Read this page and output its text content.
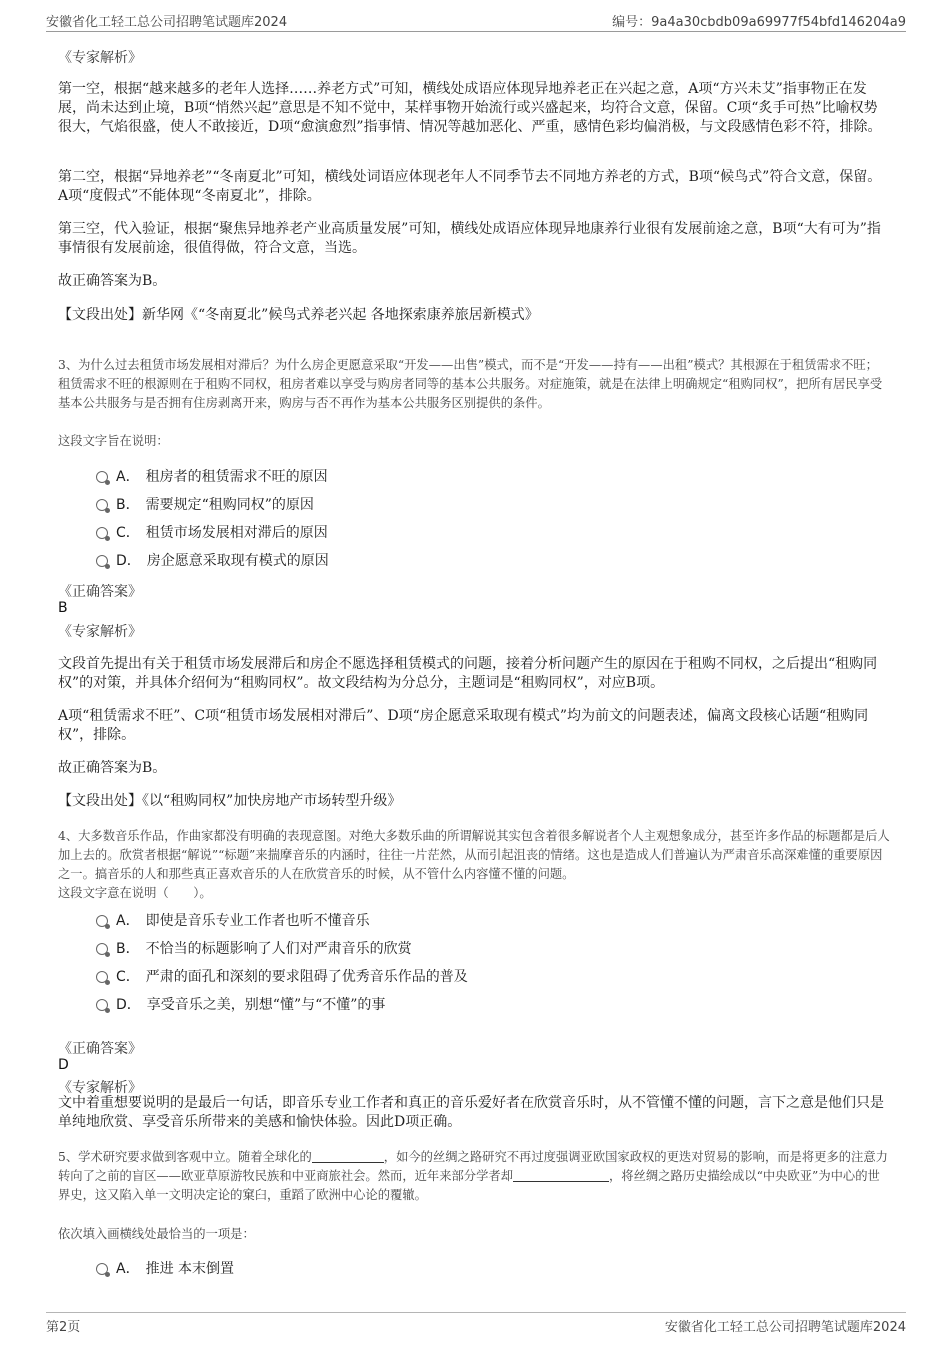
安徽省化工轻工总公司招聘笔试题库2024	编号：9a4a30cbdb09a69977f54bfd146204a9
《专家解析》
第一空，根据“越来越多的老年人选择……养老方式”可知，横线处成语应体现异地养老正在兴起之意，A项“方兴未艾”指事物正在发展，尚未达到止境，B项“悄然兴起”意思是不知不觉中，某样事物开始流行或兴盛起来，均符合文意，保留。C项“炙手可热”比喻权势很大，气焰很盛，使人不敢接近，D项“愈演愈烈”指事情、情况等越加恶化、严重，感情色彩均偏消极，与文段感情色彩不符，排除。
第二空，根据“异地养老”“冬南夏北”可知，横线处词语应体现老年人不同季节去不同地方养老的方式，B项“候鸟式”符合文意，保留。A项“度假式”不能体现“冬南夏北”，排除。
第三空，代入验证，根据“聚焦异地养老产业高质量发展”可知，横线处成语应体现异地康养行业很有发展前途之意，B项“大有可为”指事情很有发展前途，很值得做，符合文意，当选。
故正确答案为B。
【文段出处】新华网《“冬南夏北”候鸟式养老兴起 各地探索康养旅居新模式》
3、为什么过去租赁市场发展相对滞后？为什么房企更愿意采取“开发——出售”模式，而不是“开发——持有——出租”模式？其根源在于租赁需求不旺；租赁需求不旺的根源则在于租购不同权，租房者难以享受与购房者同等的基本公共服务。对症施策，就是在法律上明确规定“租购同权”，把所有居民享受基本公共服务与是否拥有住房剥离开来，购房与否不再作为基本公共服务区别提供的条件。
这段文字旨在说明：
A． 租房者的租赁需求不旺的原因
B． 需要规定“租购同权”的原因
C． 租赁市场发展相对滞后的原因
D． 房企愿意采取现有模式的原因
《正确答案》
B
《专家解析》
文段首先提出有关于租赁市场发展滞后和房企不愿选择租赁模式的问题，接着分析问题产生的原因在于租购不同权，之后提出“租购同权”的对策，并具体介绍何为“租购同权”。故文段结构为分总分，主题词是“租购同权”，对应B项。
A项“租赁需求不旺”、C项“租赁市场发展相对滞后”、D项“房企愿意采取现有模式”均为前文的问题表述，偏离文段核心话题“租购同权”，排除。
故正确答案为B。
【文段出处】《以“租购同权”加快房地产市场转型升级》
4、大多数音乐作品，作曲家都没有明确的表现意图。对绝大多数乐曲的所谓解说其实包含着很多解说者个人主观想象成分，甚至许多作品的标题都是后人加上去的。欣赏者根据“解说”“标题”来揣摩音乐的内涵时，往往一片茫然，从而引起沮丧的情绪。这也是造成人们普遍认为严肃音乐高深难懂的重要原因之一。搞音乐的人和那些真正喜欢音乐的人在欣赏音乐的时候，从不管什么内容懂不懂的问题。
这段文字意在说明（　　）。
A． 即使是音乐专业工作者也听不懂音乐
B． 不恰当的标题影响了人们对严肃音乐的欣赏
C． 严肃的面孔和深刻的要求阻碍了优秀音乐作品的普及
D． 享受音乐之美，别想“懂”与“不懂”的事
《正确答案》
D
《专家解析》
文中着重想要说明的是最后一句话，即音乐专业工作者和真正的音乐爱好者在欣赏音乐时，从不管懂不懂的问题，言下之意是他们只是单纯地欣赏、享受音乐所带来的美感和愉快体验。因此D项正确。
5、学术研究要求做到客观中立。随着全球化的	，如今的丝绸之路研究不再过度强调亚欧国家政权的更迭对贸易的影响，而是将更多的注意力转向了之前的盲区——欧亚草原游牧民族和中亚商旅社会。然而，近年来部分学者却	，将丝绸之路历史描绘成以“中央欧亚”为中心的世界史，这又陷入单一文明决定论的窠臼，重蹈了欧洲中心论的覆辙。
依次填入画横线处最恰当的一项是：
A． 推进 本末倒置
第2页	安徽省化工轻工总公司招聘笔试题库2024
